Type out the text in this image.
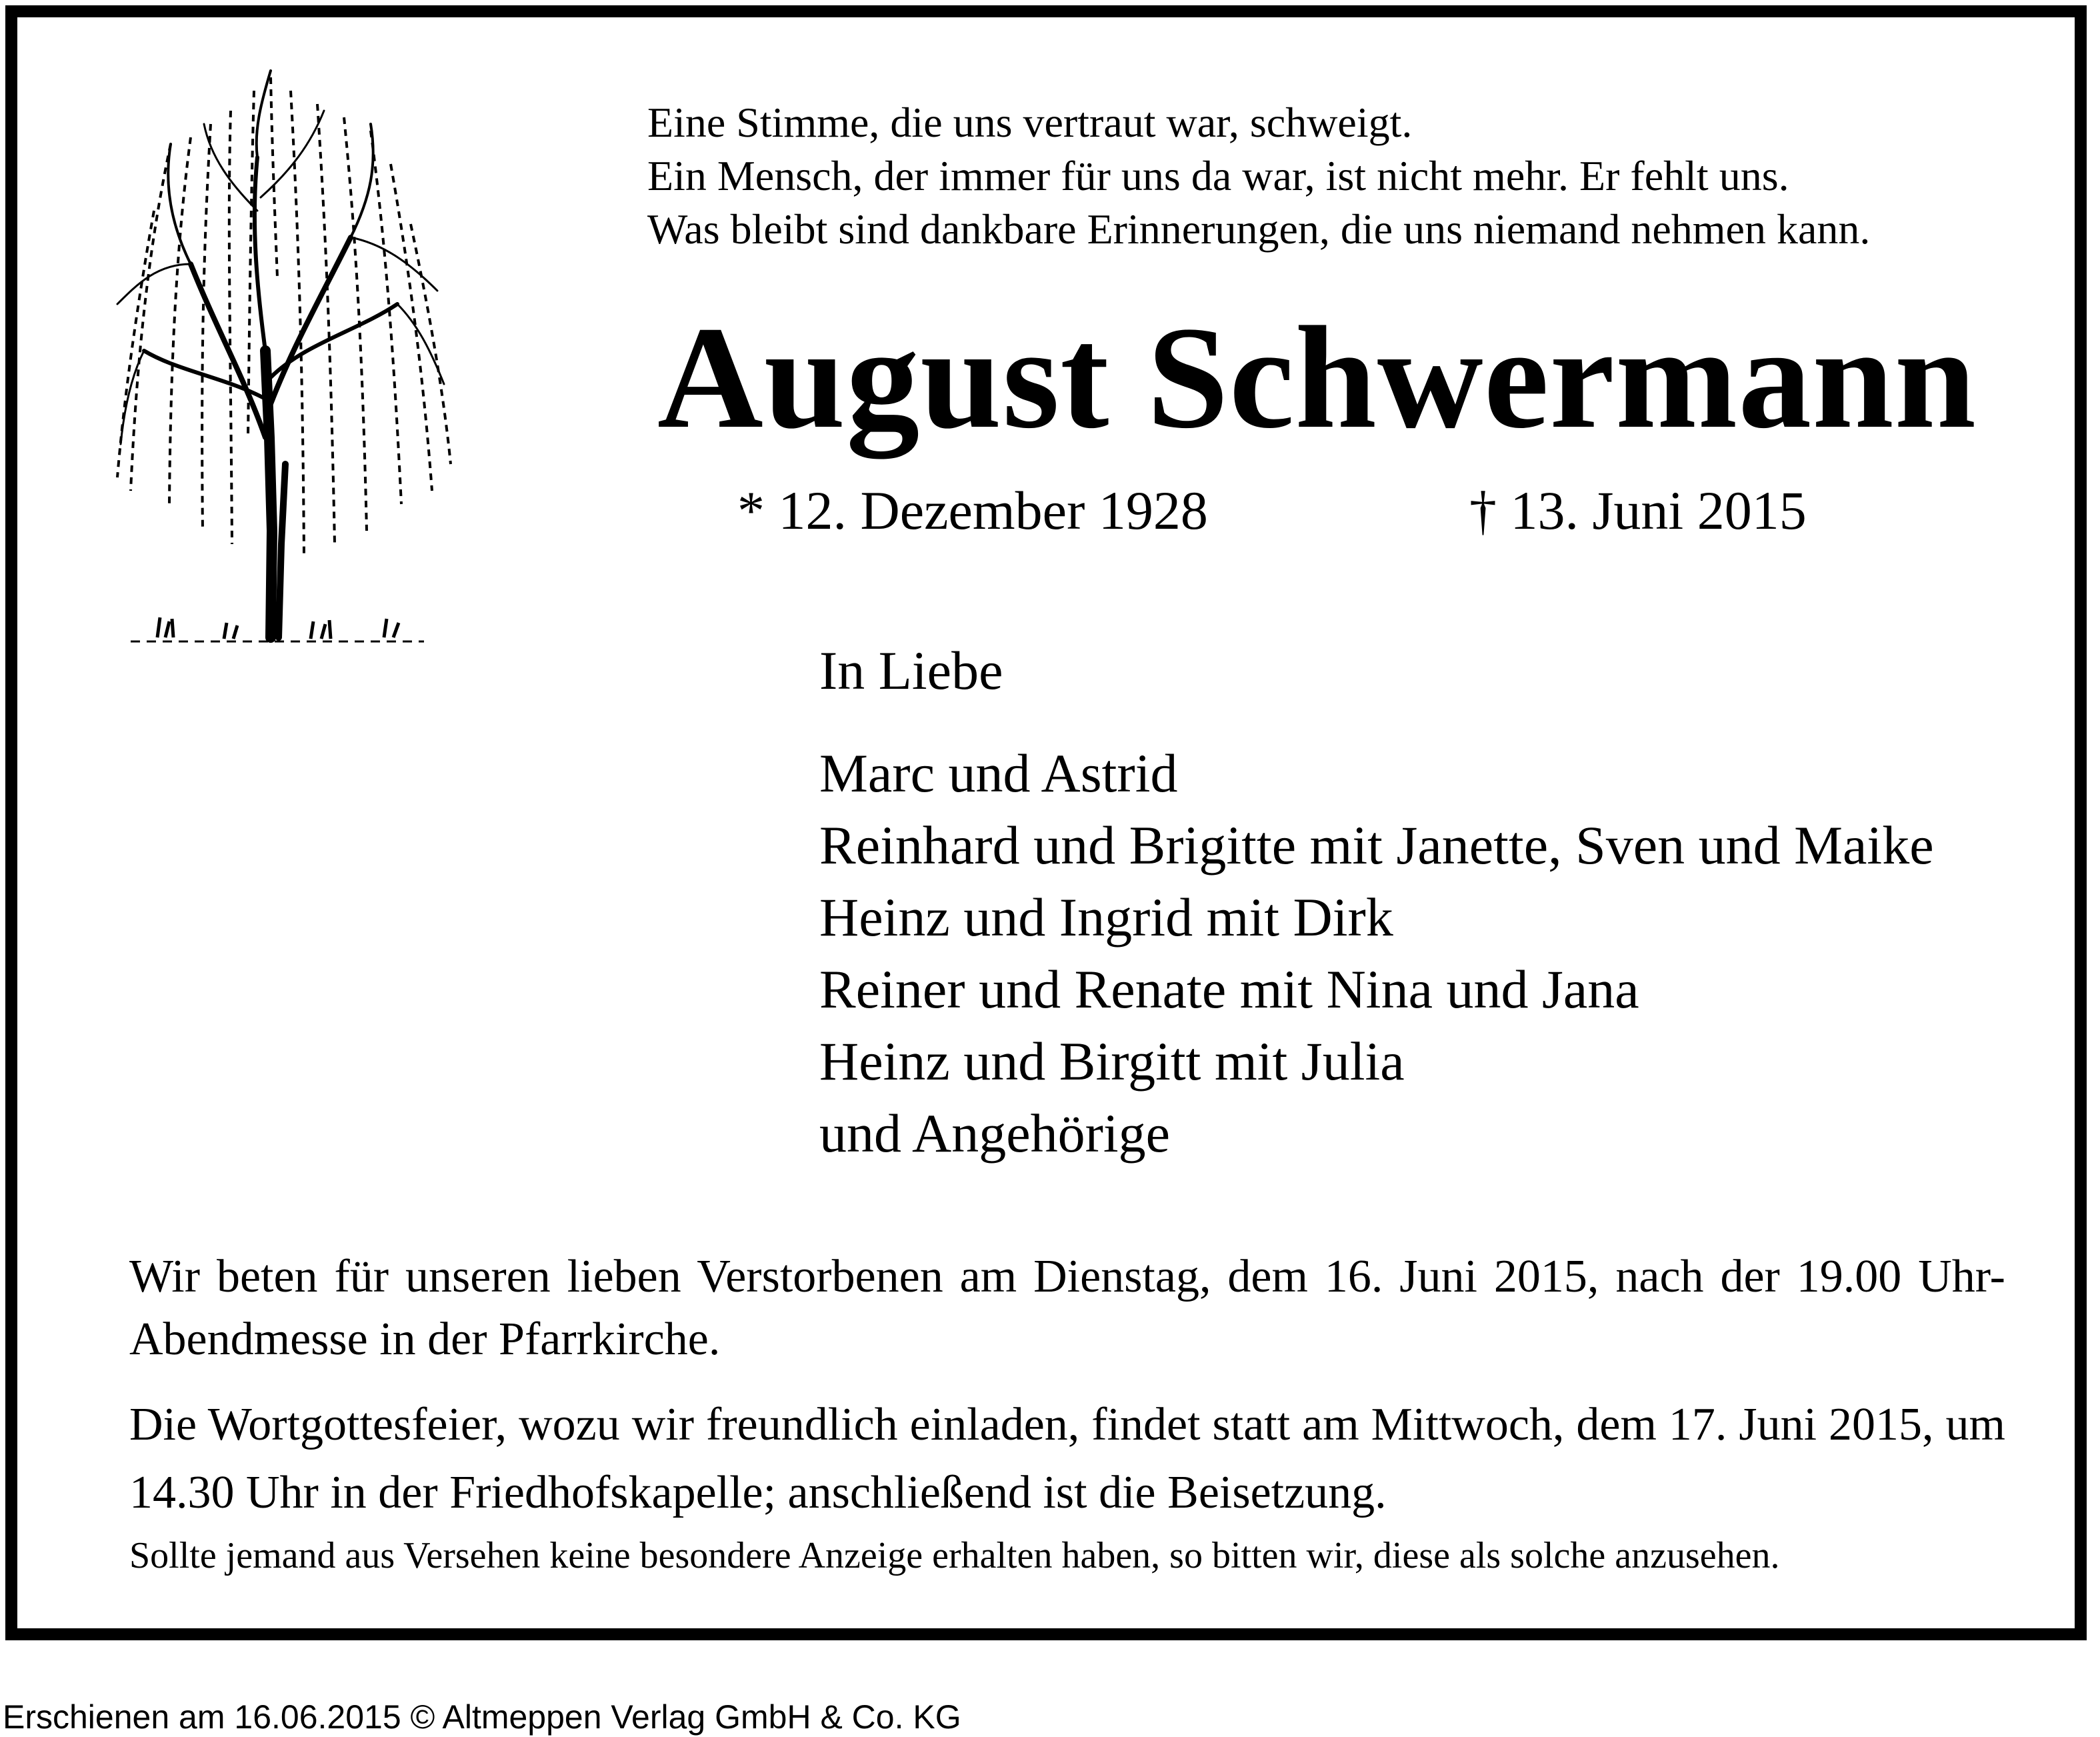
Eine Stimme, die uns vertraut war, schweigt.
Ein Mensch, der immer für uns da war, ist nicht mehr. Er fehlt uns.
Was bleibt sind dankbare Erinnerungen, die uns niemand nehmen kann.
August Schwermann
* 12. Dezember 1928	† 13. Juni 2015
In Liebe
Marc und Astrid
Reinhard und Brigitte mit Janette, Sven und Maike
Heinz und Ingrid mit Dirk
Reiner und Renate mit Nina und Jana
Heinz und Birgitt mit Julia
und Angehörige
Wir beten für unseren lieben Verstorbenen am Dienstag, dem 16. Juni 2015, nach der 19.00 Uhr-Abendmesse in der Pfarrkirche.
Die Wortgottesfeier, wozu wir freundlich einladen, findet statt am Mittwoch, dem 17. Juni 2015, um 14.30 Uhr in der Friedhofskapelle; anschließend ist die Beisetzung.
Sollte jemand aus Versehen keine besondere Anzeige erhalten haben, so bitten wir, diese als solche anzusehen.
Erschienen am 16.06.2015 © Altmeppen Verlag GmbH & Co. KG
